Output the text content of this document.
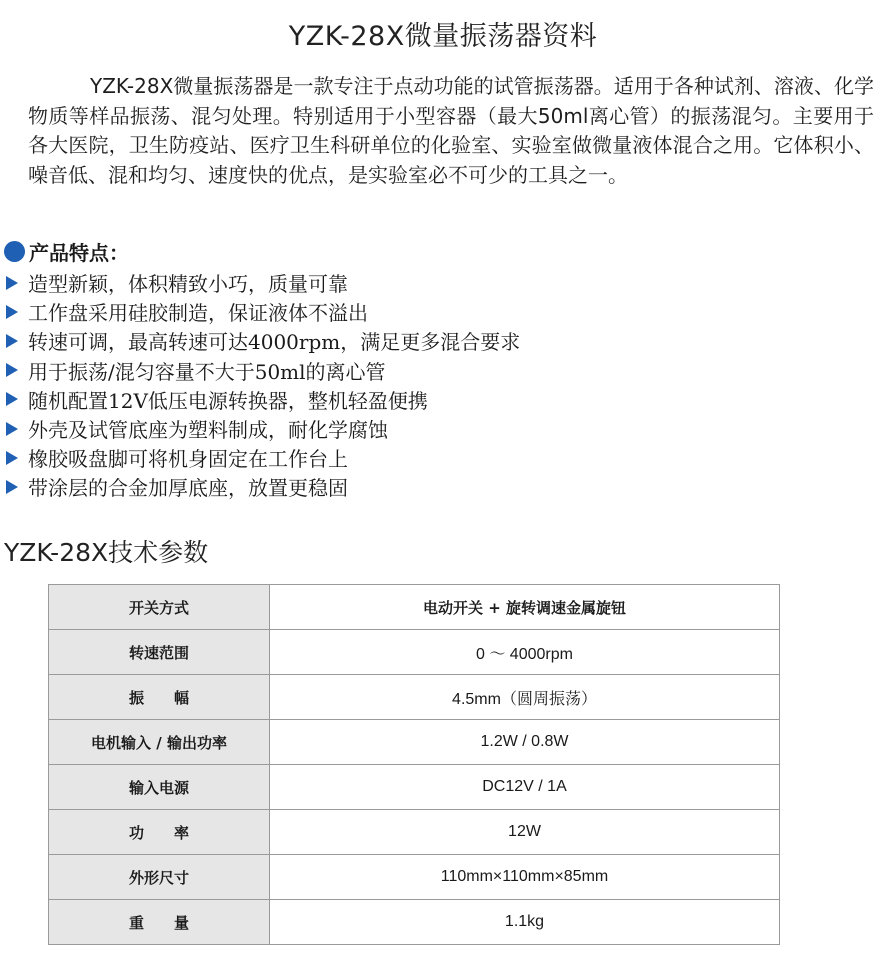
YZK-28X微量振荡器资料

YZK-28X微量振荡器是一款专注于点动功能的试管振荡器。适用于各种试剂、溶液、化学物质等样品振荡、混匀处理。特别适用于小型容器（最大50ml离心管）的振荡混匀。主要用于各大医院，卫生防疫站、医疗卫生科研单位的化验室、实验室做微量液体混合之用。它体积小、噪音低、混和均匀、速度快的优点，是实验室必不可少的工具之一。

产品特点：
造型新颖，体积精致小巧，质量可靠
工作盘采用硅胶制造，保证液体不溢出
转速可调，最高转速可达4000rpm，满足更多混合要求
用于振荡/混匀容量不大于50ml的离心管
随机配置12V低压电源转换器，整机轻盈便携
外壳及试管底座为塑料制成，耐化学腐蚀
橡胶吸盘脚可将机身固定在工作台上
带涂层的合金加厚底座，放置更稳固
YZK-28X技术参数
开关方式	电动开关 + 旋转调速金属旋钮
转速范围	0 ～ 4000rpm
振　　幅	4.5mm（圆周振荡）
电机输入 / 输出功率	1.2W / 0.8W
输入电源	DC12V / 1A
功　　率	12W
外形尺寸	110mm×110mm×85mm
重　　量	1.1kg
